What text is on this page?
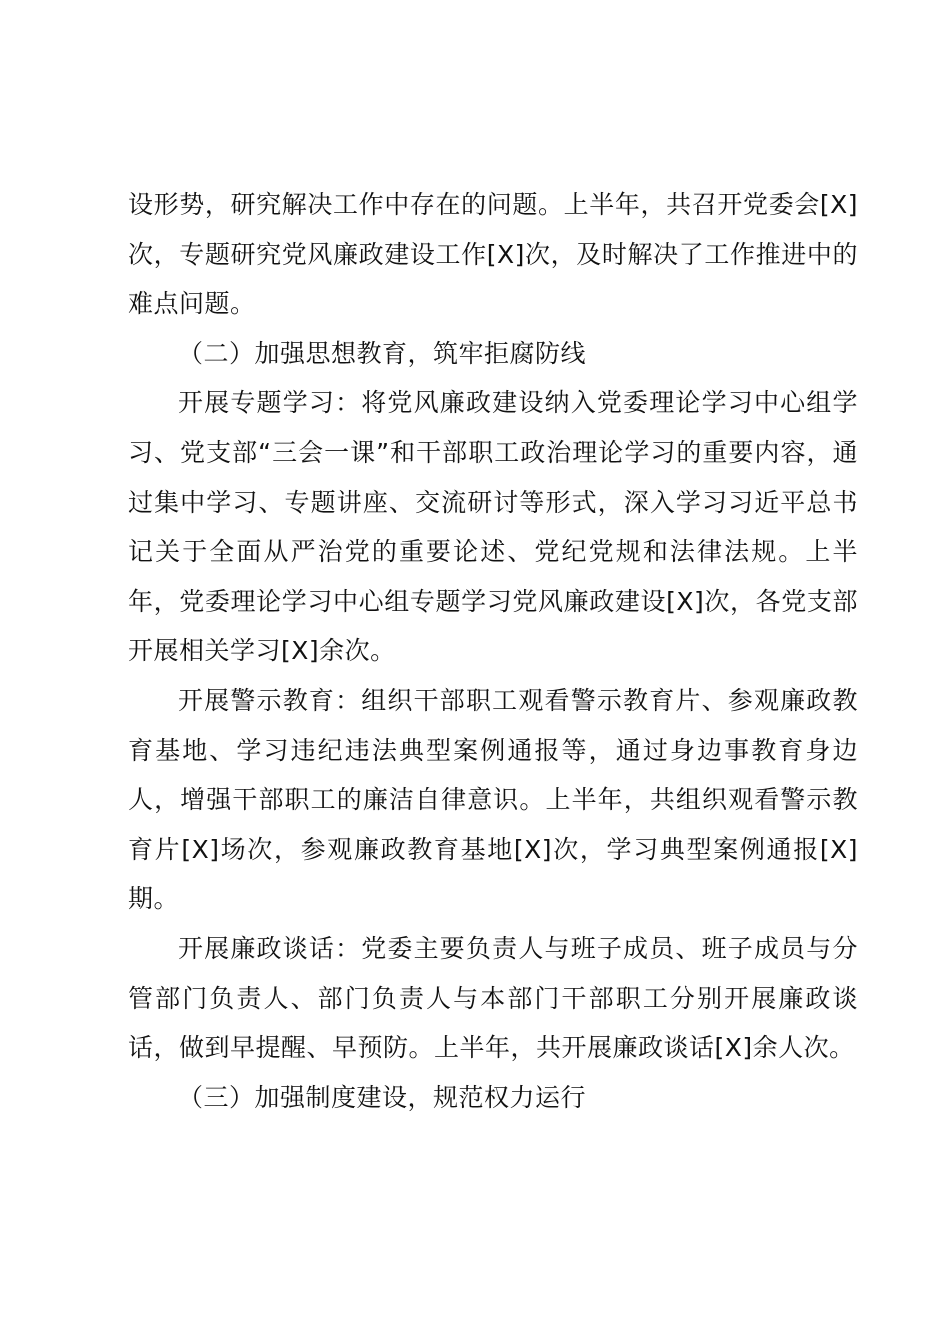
设形势，研究解决工作中存在的问题。上半年，共召开党委会[X]次，专题研究党风廉政建设工作[X]次，及时解决了工作推进中的难点问题。

（二）加强思想教育，筑牢拒腐防线

开展专题学习：将党风廉政建设纳入党委理论学习中心组学习、党支部“三会一课”和干部职工政治理论学习的重要内容，通过集中学习、专题讲座、交流研讨等形式，深入学习习近平总书记关于全面从严治党的重要论述、党纪党规和法律法规。上半年，党委理论学习中心组专题学习党风廉政建设[X]次，各党支部开展相关学习[X]余次。

开展警示教育：组织干部职工观看警示教育片、参观廉政教育基地、学习违纪违法典型案例通报等，通过身边事教育身边人，增强干部职工的廉洁自律意识。上半年，共组织观看警示教育片[X]场次，参观廉政教育基地[X]次，学习典型案例通报[X]期。

开展廉政谈话：党委主要负责人与班子成员、班子成员与分管部门负责人、部门负责人与本部门干部职工分别开展廉政谈话，做到早提醒、早预防。上半年，共开展廉政谈话[X]余人次。

（三）加强制度建设，规范权力运行
